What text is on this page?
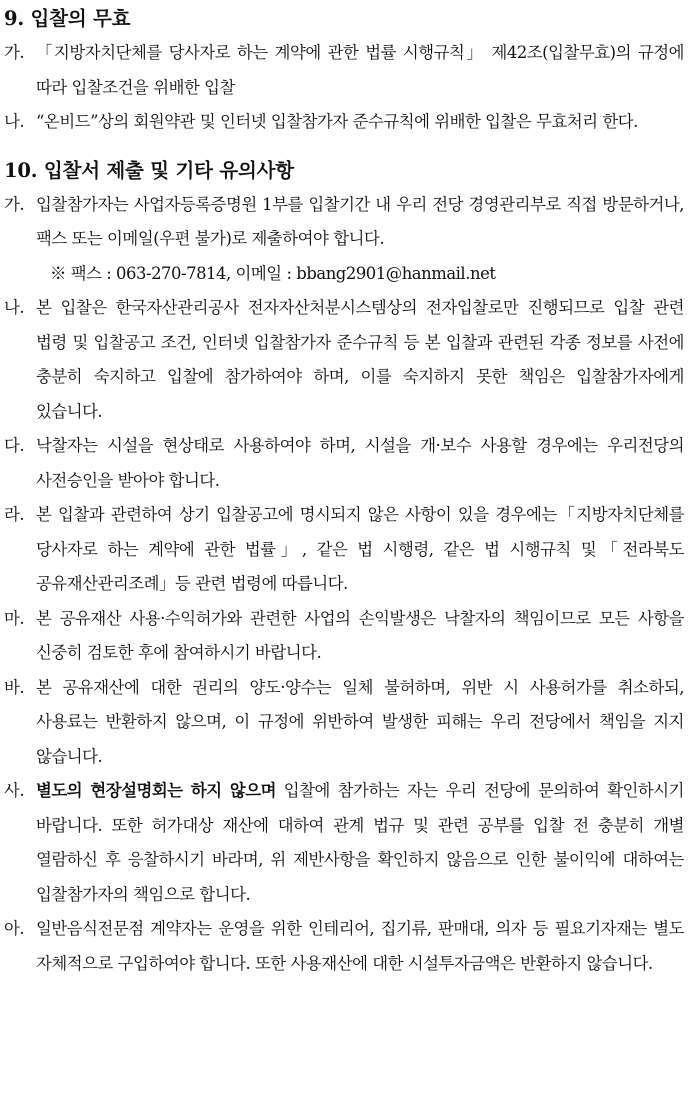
9. 입찰의 무효

가. 「지방자치단체를 당사자로 하는 계약에 관한 법률 시행규칙」 제42조(입찰무효)의 규정에 따라 입찰조건을 위배한 입찰

나. “온비드”상의 회원약관 및 인터넷 입찰참가자 준수규칙에 위배한 입찰은 무효처리 한다.

10. 입찰서 제출 및 기타 유의사항

가. 입찰참가자는 사업자등록증명원 1부를 입찰기간 내 우리 전당 경영관리부로 직접 방문하거나, 팩스 또는 이메일(우편 불가)로 제출하여야 합니다.
※ 팩스 : 063-270-7814, 이메일 : bbang2901@hanmail.net

나. 본 입찰은 한국자산관리공사 전자자산처분시스템상의 전자입찰로만 진행되므로 입찰 관련 법령 및 입찰공고 조건, 인터넷 입찰참가자 준수규칙 등 본 입찰과 관련된 각종 정보를 사전에 충분히 숙지하고 입찰에 참가하여야 하며, 이를 숙지하지 못한 책임은 입찰참가자에게 있습니다.

다. 낙찰자는 시설을 현상태로 사용하여야 하며, 시설을 개·보수 사용할 경우에는 우리전당의 사전승인을 받아야 합니다.

라. 본 입찰과 관련하여 상기 입찰공고에 명시되지 않은 사항이 있을 경우에는「지방자치단체를 당사자로 하는 계약에 관한 법률」, 같은 법 시행령, 같은 법 시행규칙 및「전라북도 공유재산관리조례」등 관련 법령에 따릅니다.

마. 본 공유재산 사용·수익허가와 관련한 사업의 손익발생은 낙찰자의 책임이므로 모든 사항을 신중히 검토한 후에 참여하시기 바랍니다.

바. 본 공유재산에 대한 권리의 양도·양수는 일체 불허하며, 위반 시 사용허가를 취소하되, 사용료는 반환하지 않으며, 이 규정에 위반하여 발생한 피해는 우리 전당에서 책임을 지지 않습니다.

사. 별도의 현장설명회는 하지 않으며 입찰에 참가하는 자는 우리 전당에 문의하여 확인하시기 바랍니다. 또한 허가대상 재산에 대하여 관계 법규 및 관련 공부를 입찰 전 충분히 개별 열람하신 후 응찰하시기 바라며, 위 제반사항을 확인하지 않음으로 인한 불이익에 대하여는 입찰참가자의 책임으로 합니다.

아. 일반음식전문점 계약자는 운영을 위한 인테리어, 집기류, 판매대, 의자 등 필요기자재는 별도 자체적으로 구입하여야 합니다. 또한 사용재산에 대한 시설투자금액은 반환하지 않습니다.
